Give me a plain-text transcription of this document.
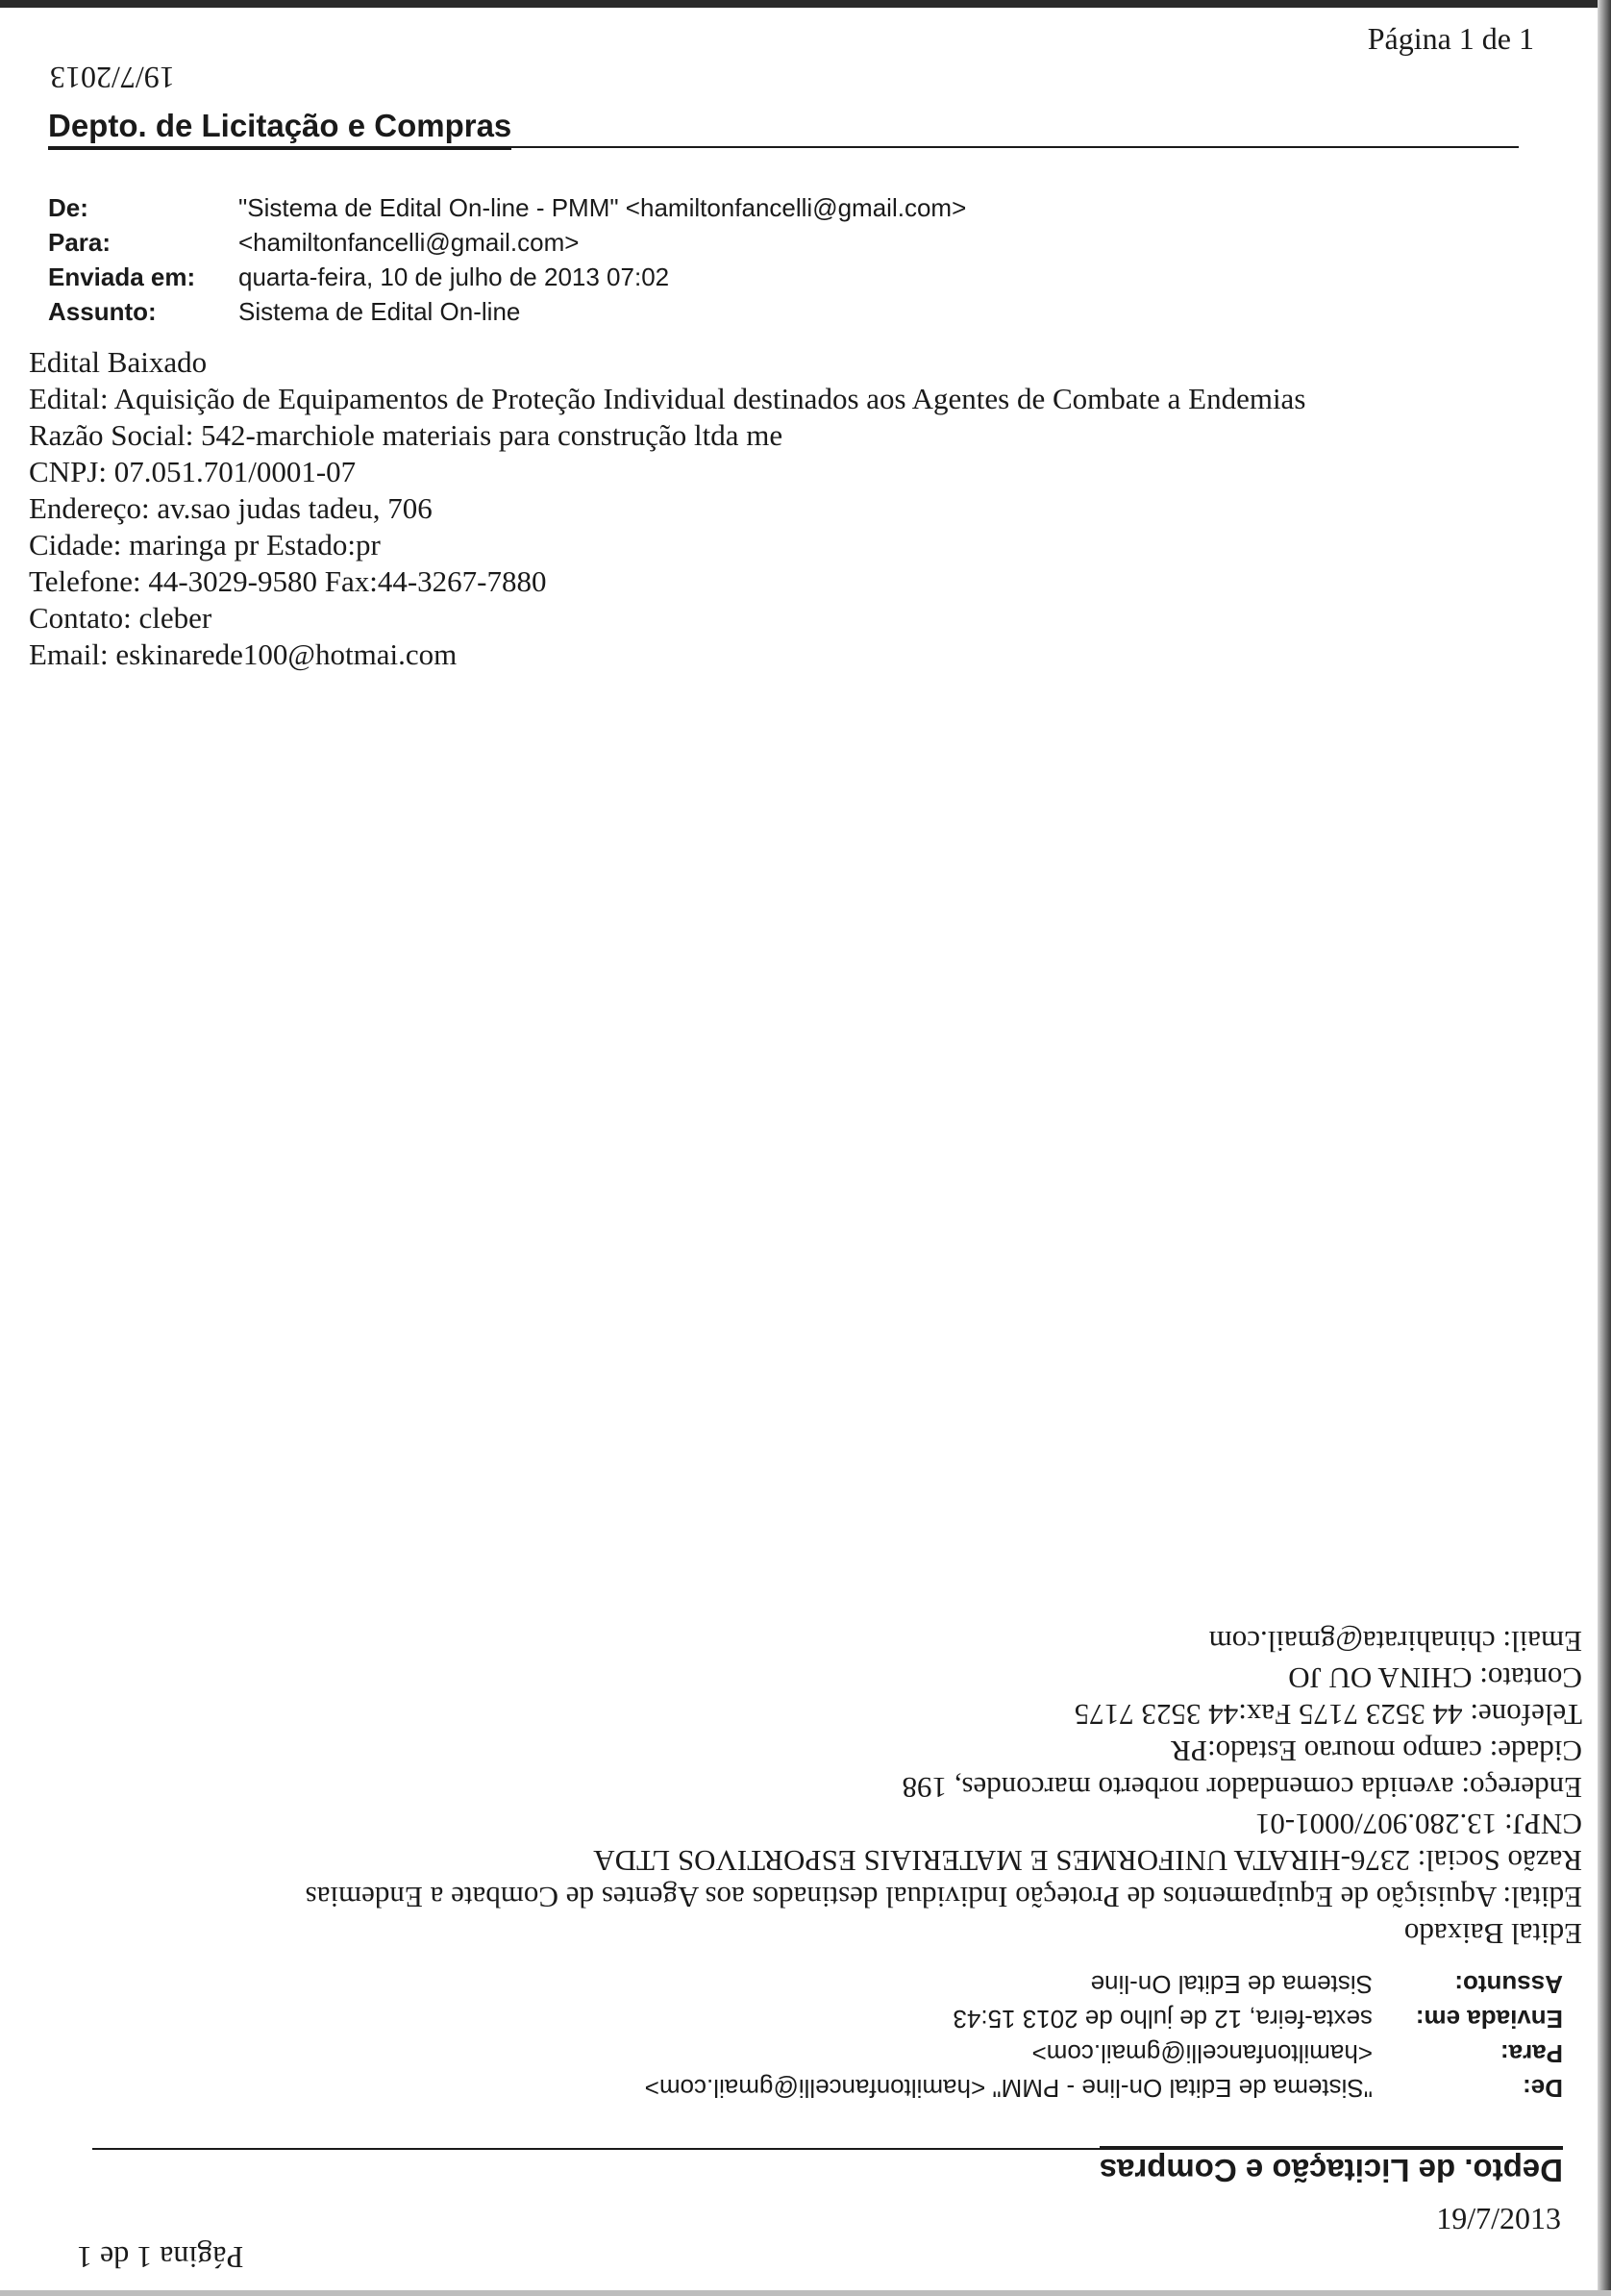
Página 1 de 1
19/7/2013
Depto. de Licitação e Compras
De:	"Sistema de Edital On-line - PMM" <hamiltonfancelli@gmail.com>
Para:	<hamiltonfancelli@gmail.com>
Enviada em:	quarta-feira, 10 de julho de 2013 07:02
Assunto:	Sistema de Edital On-line
Edital Baixado
Edital: Aquisição de Equipamentos de Proteção Individual destinados aos Agentes de Combate a Endemias
Razão Social: 542-marchiole materiais para construção ltda me
CNPJ: 07.051.701/0001-07
Endereço: av.sao judas tadeu, 706
Cidade: maringa pr Estado:pr
Telefone: 44-3029-9580 Fax:44-3267-7880
Contato: cleber
Email: eskinarede100@hotmai.com
Página 1 de 1
19/7/2013
Depto. de Licitação e Compras
De:
"Sistema de Edital On-line - PMM" <hamiltonfancelli@gmail.com>
Para:
<hamiltonfancelli@gmail.com>
Enviada em:
sexta-feira, 12 de julho de 2013 15:43
Assunto:
Sistema de Edital On-line
Edital Baixado
Edital: Aquisição de Equipamentos de Proteção Individual destinados aos Agentes de Combate a Endemias
Razão Social: 2376-HIRATA UNIFORMES E MATERIAIS ESPORTIVOS LTDA
CNPJ: 13.280.907/0001-01
Endereço: avenida comendador norberto marcondes, 198
Cidade: campo mourao Estado:PR
Telefone: 44 3523 7175 Fax:44 3523 7175
Contato: CHINA OU JO
Email: chinahirata@gmail.com
